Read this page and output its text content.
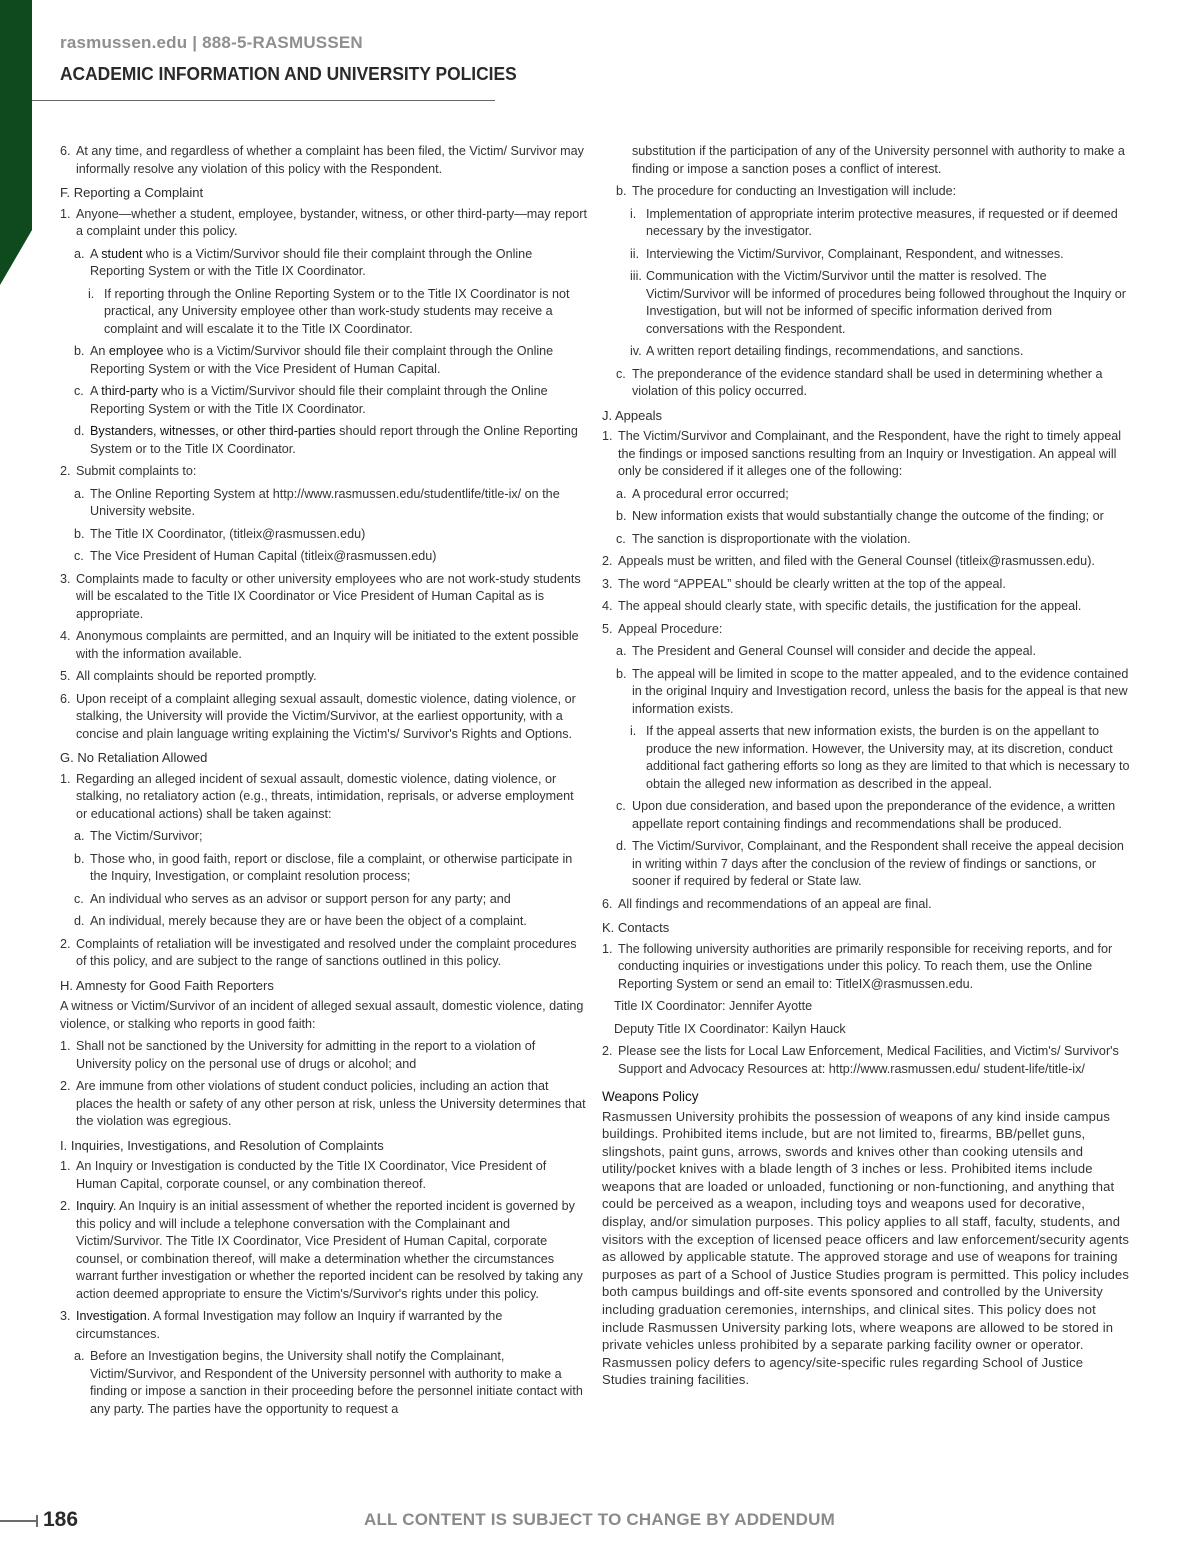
rasmussen.edu | 888-5-RASMUSSEN
ACADEMIC INFORMATION AND UNIVERSITY POLICIES

6. At any time, and regardless of whether a complaint has been filed, the Victim/ Survivor may informally resolve any violation of this policy with the Respondent.

F. Reporting a Complaint

1. Anyone—whether a student, employee, bystander, witness, or other third-party—may report a complaint under this policy.

a. A student who is a Victim/Survivor should file their complaint through the Online Reporting System or with the Title IX Coordinator.

i. If reporting through the Online Reporting System or to the Title IX Coordinator is not practical, any University employee other than work-study students may receive a complaint and will escalate it to the Title IX Coordinator.

b. An employee who is a Victim/Survivor should file their complaint through the Online Reporting System or with the Vice President of Human Capital.

c. A third-party who is a Victim/Survivor should file their complaint through the Online Reporting System or with the Title IX Coordinator.

d. Bystanders, witnesses, or other third-parties should report through the Online Reporting System or to the Title IX Coordinator.

2. Submit complaints to:

a. The Online Reporting System at http://www.rasmussen.edu/studentlife/title-ix/ on the University website.

b. The Title IX Coordinator, (titleix@rasmussen.edu)

c. The Vice President of Human Capital (titleix@rasmussen.edu)

3. Complaints made to faculty or other university employees who are not work-study students will be escalated to the Title IX Coordinator or Vice President of Human Capital as is appropriate.

4. Anonymous complaints are permitted, and an Inquiry will be initiated to the extent possible with the information available.

5. All complaints should be reported promptly.

6. Upon receipt of a complaint alleging sexual assault, domestic violence, dating violence, or stalking, the University will provide the Victim/Survivor, at the earliest opportunity, with a concise and plain language writing explaining the Victim's/ Survivor's Rights and Options.

G. No Retaliation Allowed

1. Regarding an alleged incident of sexual assault, domestic violence, dating violence, or stalking, no retaliatory action (e.g., threats, intimidation, reprisals, or adverse employment or educational actions) shall be taken against:

a. The Victim/Survivor;

b. Those who, in good faith, report or disclose, file a complaint, or otherwise participate in the Inquiry, Investigation, or complaint resolution process;

c. An individual who serves as an advisor or support person for any party; and

d. An individual, merely because they are or have been the object of a complaint.

2. Complaints of retaliation will be investigated and resolved under the complaint procedures of this policy, and are subject to the range of sanctions outlined in this policy.

H. Amnesty for Good Faith Reporters

A witness or Victim/Survivor of an incident of alleged sexual assault, domestic violence, dating violence, or stalking who reports in good faith:

1. Shall not be sanctioned by the University for admitting in the report to a violation of University policy on the personal use of drugs or alcohol; and

2. Are immune from other violations of student conduct policies, including an action that places the health or safety of any other person at risk, unless the University determines that the violation was egregious.

I. Inquiries, Investigations, and Resolution of Complaints

1. An Inquiry or Investigation is conducted by the Title IX Coordinator, Vice President of Human Capital, corporate counsel, or any combination thereof.

2. Inquiry. An Inquiry is an initial assessment of whether the reported incident is governed by this policy and will include a telephone conversation with the Complainant and Victim/Survivor. The Title IX Coordinator, Vice President of Human Capital, corporate counsel, or combination thereof, will make a determination whether the circumstances warrant further investigation or whether the reported incident can be resolved by taking any action deemed appropriate to ensure the Victim's/Survivor's rights under this policy.

3. Investigation. A formal Investigation may follow an Inquiry if warranted by the circumstances.

a. Before an Investigation begins, the University shall notify the Complainant, Victim/Survivor, and Respondent of the University personnel with authority to make a finding or impose a sanction in their proceeding before the personnel initiate contact with any party. The parties have the opportunity to request a

substitution if the participation of any of the University personnel with authority to make a finding or impose a sanction poses a conflict of interest.

b. The procedure for conducting an Investigation will include:

i. Implementation of appropriate interim protective measures, if requested or if deemed necessary by the investigator.

ii. Interviewing the Victim/Survivor, Complainant, Respondent, and witnesses.

iii. Communication with the Victim/Survivor until the matter is resolved. The Victim/Survivor will be informed of procedures being followed throughout the Inquiry or Investigation, but will not be informed of specific information derived from conversations with the Respondent.

iv. A written report detailing findings, recommendations, and sanctions.

c. The preponderance of the evidence standard shall be used in determining whether a violation of this policy occurred.

J. Appeals

1. The Victim/Survivor and Complainant, and the Respondent, have the right to timely appeal the findings or imposed sanctions resulting from an Inquiry or Investigation. An appeal will only be considered if it alleges one of the following:

a. A procedural error occurred;

b. New information exists that would substantially change the outcome of the finding; or

c. The sanction is disproportionate with the violation.

2. Appeals must be written, and filed with the General Counsel (titleix@rasmussen.edu).

3. The word “APPEAL” should be clearly written at the top of the appeal.

4. The appeal should clearly state, with specific details, the justification for the appeal.

5. Appeal Procedure:

a. The President and General Counsel will consider and decide the appeal.

b. The appeal will be limited in scope to the matter appealed, and to the evidence contained in the original Inquiry and Investigation record, unless the basis for the appeal is that new information exists.

i. If the appeal asserts that new information exists, the burden is on the appellant to produce the new information. However, the University may, at its discretion, conduct additional fact gathering efforts so long as they are limited to that which is necessary to obtain the alleged new information as described in the appeal.

c. Upon due consideration, and based upon the preponderance of the evidence, a written appellate report containing findings and recommendations shall be produced.

d. The Victim/Survivor, Complainant, and the Respondent shall receive the appeal decision in writing within 7 days after the conclusion of the review of findings or sanctions, or sooner if required by federal or State law.

6. All findings and recommendations of an appeal are final.

K. Contacts

1. The following university authorities are primarily responsible for receiving reports, and for conducting inquiries or investigations under this policy. To reach them, use the Online Reporting System or send an email to: TitleIX@rasmussen.edu.

Title IX Coordinator: Jennifer Ayotte

Deputy Title IX Coordinator: Kailyn Hauck

2. Please see the lists for Local Law Enforcement, Medical Facilities, and Victim's/ Survivor's Support and Advocacy Resources at: http://www.rasmussen.edu/ student-life/title-ix/

Weapons Policy

Rasmussen University prohibits the possession of weapons of any kind inside campus buildings. Prohibited items include, but are not limited to, firearms, BB/pellet guns, slingshots, paint guns, arrows, swords and knives other than cooking utensils and utility/pocket knives with a blade length of 3 inches or less. Prohibited items include weapons that are loaded or unloaded, functioning or non-functioning, and anything that could be perceived as a weapon, including toys and weapons used for decorative, display, and/or simulation purposes. This policy applies to all staff, faculty, students, and visitors with the exception of licensed peace officers and law enforcement/security agents as allowed by applicable statute. The approved storage and use of weapons for training purposes as part of a School of Justice Studies program is permitted. This policy includes both campus buildings and off-site events sponsored and controlled by the University including graduation ceremonies, internships, and clinical sites. This policy does not include Rasmussen University parking lots, where weapons are allowed to be stored in private vehicles unless prohibited by a separate parking facility owner or operator. Rasmussen policy defers to agency/site-specific rules regarding School of Justice Studies training facilities.

186	ALL CONTENT IS SUBJECT TO CHANGE BY ADDENDUM
